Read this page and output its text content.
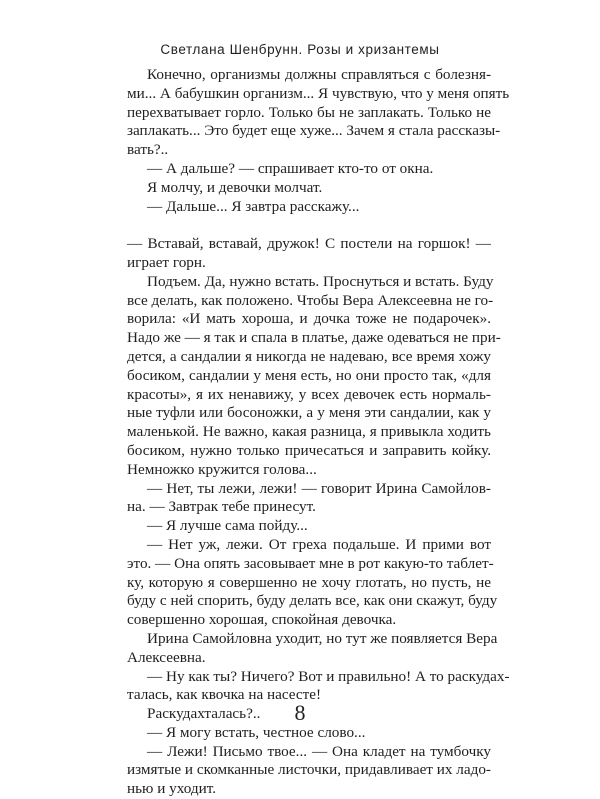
Светлана Шенбрунн. Розы и хризантемы
Конечно, организмы должны справляться с болезня-
ми... А бабушкин организм... Я чувствую, что у меня опять
перехватывает горло. Только бы не заплакать. Только не
заплакать... Это будет еще хуже... Зачем я стала рассказы-
вать?..
— А дальше? — спрашивает кто-то от окна.
Я молчу, и девочки молчат.
— Дальше... Я завтра расскажу...
— Вставай, вставай, дружок! С постели на горшок! —
играет горн.
Подъем. Да, нужно встать. Проснуться и встать. Буду
все делать, как положено. Чтобы Вера Алексеевна не го-
ворила: «И мать хороша, и дочка тоже не подарочек».
Надо же — я так и спала в платье, даже одеваться не при-
дется, а сандалии я никогда не надеваю, все время хожу
босиком, сандалии у меня есть, но они просто так, «для
красоты», я их ненавижу, у всех девочек есть нормаль-
ные туфли или босоножки, а у меня эти сандалии, как у
маленькой. Не важно, какая разница, я привыкла ходить
босиком, нужно только причесаться и заправить койку.
Немножко кружится голова...
— Нет, ты лежи, лежи! — говорит Ирина Самойлов-
на. — Завтрак тебе принесут.
— Я лучше сама пойду...
— Нет уж, лежи. От греха подальше. И прими вот
это. — Она опять засовывает мне в рот какую-то таблет-
ку, которую я совершенно не хочу глотать, но пусть, не
буду с ней спорить, буду делать все, как они скажут, буду
совершенно хорошая, спокойная девочка.
Ирина Самойловна уходит, но тут же появляется Вера
Алексеевна.
— Ну как ты? Ничего? Вот и правильно! А то раскудах-
талась, как квочка на насесте!
Раскудахталась?..
— Я могу встать, честное слово...
— Лежи! Письмо твое... — Она кладет на тумбочку
измятые и скомканные листочки, придавливает их ладо-
нью и уходит.
8
